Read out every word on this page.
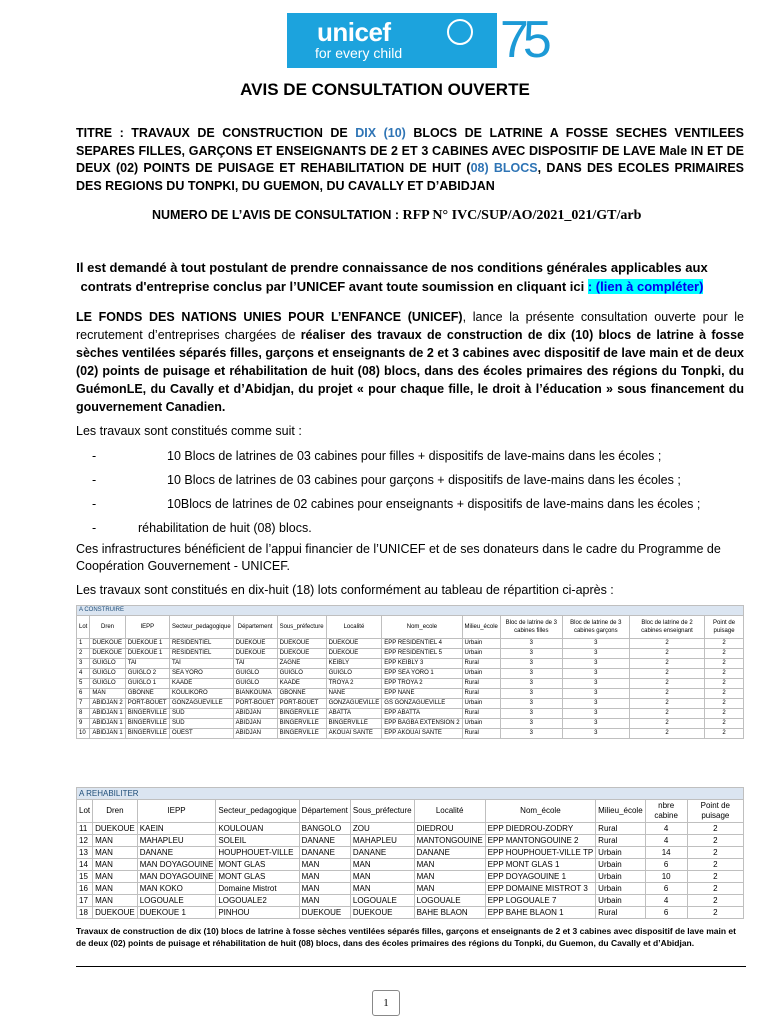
unicef
for every child 75
AVIS DE CONSULTATION OUVERTE
TITRE : TRAVAUX DE CONSTRUCTION DE DIX (10) BLOCS DE LATRINE A FOSSE SECHES VENTILEES SEPARES FILLES, GARÇONS ET ENSEIGNANTS DE 2 ET 3 CABINES AVEC DISPOSITIF DE LAVE Male IN ET DE DEUX (02) POINTS DE PUISAGE ET REHABILITATION DE HUIT (08) BLOCS, DANS DES ECOLES PRIMAIRES DES REGIONS DU TONPKI, DU GUEMON, DU CAVALLY ET D’ABIDJAN
NUMERO DE L’AVIS DE CONSULTATION : RFP N° IVC/SUP/AO/2021_021/GT/arb
Il est demandé à tout postulant de prendre connaissance de nos conditions générales applicables aux contrats d'entreprise conclus par l’UNICEF avant toute soumission en cliquant ici : (lien à compléter)
LE FONDS DES NATIONS UNIES POUR L’ENFANCE (UNICEF), lance la présente consultation ouverte pour le recrutement d’entreprises chargées de réaliser des travaux de construction de dix (10) blocs de latrine à fosse sèches ventilées séparés filles, garçons et enseignants de 2 et 3 cabines avec dispositif de lave main et de deux (02) points de puisage et réhabilitation de huit (08) blocs, dans des écoles primaires des régions du Tonpki, du GuémonLE, du Cavally et d’Abidjan, du projet « pour chaque fille, le droit à l’éducation » sous financement du gouvernement Canadien.
Les travaux sont constitués comme suit :
-	10 Blocs de latrines de 03 cabines pour filles + dispositifs de lave-mains dans les écoles ;
-	10 Blocs de latrines de 03 cabines pour garçons + dispositifs de lave-mains dans les écoles ;
-	10Blocs de latrines de 02 cabines pour enseignants + dispositifs de lave-mains dans les écoles ;
-	réhabilitation de huit (08) blocs.
Ces infrastructures bénéficient de l’appui financier de l’UNICEF et de ses donateurs dans le cadre du Programme de Coopération Gouvernement - UNICEF.
Les travaux sont constitués en dix-huit (18) lots conformément au tableau de répartition ci-après :
A CONSTRUIRE												
Lot	Dren	IEPP	Secteur_pedagogique	Département	Sous_préfecture	Localité	Nom_ecole	Milieu_école	Bloc de latrine de 3 cabines filles	Bloc de latrine de 3 cabines garçons	Bloc de latrine de 2 cabines enseignant	Point de puisage
1	DUEKOUE	DUEKOUE 1	RESIDENTIEL	DUEKOUE	DUEKOUE	DUEKOUE	EPP RESIDENTIEL 4	Urbain	3	3	2	2
2	DUEKOUE	DUEKOUE 1	RESIDENTIEL	DUEKOUE	DUEKOUE	DUEKOUE	EPP RESIDENTIEL 5	Urbain	3	3	2	2
3	GUIGLO	TAI	TAÏ	TAÏ	ZAGNE	KEIBLY	EPP KEIBLY 3	Rural	3	3	2	2
4	GUIGLO	GUIGLO 2	SEA YORO	GUIGLO	GUIGLO	GUIGLO	EPP SEA YORO 1	Urbain	3	3	2	2
5	GUIGLO	GUIGLO 1	KAADE	GUIGLO	KAADE	TROYA 2	EPP TROYA 2	Rural	3	3	2	2
6	MAN	GBONNE	KOULIKORO	BIANKOUMA	GBONNE	NANE	EPP NANE	Rural	3	3	2	2
7	ABIDJAN 2	PORT-BOUET	GONZAGUEVILLE	PORT-BOUET	PORT-BOUET	GONZAGUEVILLE	GS GONZAGUEVILLE	Urbain	3	3	2	2
8	ABIDJAN 1	BINGERVILLE	SUD	ABIDJAN	BINGERVILLE	ABATTA	EPP ABATTA	Rural	3	3	2	2
9	ABIDJAN 1	BINGERVILLE	SUD	ABIDJAN	BINGERVILLE	BINGERVILLE	EPP BAGBA EXTENSION 2	Urbain	3	3	2	2
10	ABIDJAN 1	BINGERVILLE	OUEST	ABIDJAN	BINGERVILLE	AKOUAI SANTE	EPP AKOUAI SANTE	Rural	3	3	2	2
A REHABILITER										
Lot	Dren	IEPP	Secteur_pedagogique	Département	Sous_préfecture	Localité	Nom_école	Milieu_école	nbre cabine	Point de puisage
11	DUEKOUE	KAEIN	KOULOUAN	BANGOLO	ZOU	DIEDROU	EPP DIEDROU-ZODRY	Rural	4	2
12	MAN	MAHAPLEU	SOLEIL	DANANE	MAHAPLEU	MANTONGOUINE	EPP MANTONGOUINE 2	Rural	4	2
13	MAN	DANANE	HOUPHOUET-VILLE	DANANE	DANANE	DANANE	EPP HOUPHOUET-VILLE TP	Urbain	14	2
14	MAN	MAN DOYAGOUINE	MONT GLAS	MAN	MAN	MAN	EPP MONT GLAS 1	Urbain	6	2
15	MAN	MAN DOYAGOUINE	MONT GLAS	MAN	MAN	MAN	EPP DOYAGOUINE 1	Urbain	10	2
16	MAN	MAN KOKO	Domaine Mistrot	MAN	MAN	MAN	EPP DOMAINE MISTROT 3	Urbain	6	2
17	MAN	LOGOUALE	LOGOUALE2	MAN	LOGOUALE	LOGOUALE	EPP LOGOUALE 7	Urbain	4	2
18	DUEKOUE	DUEKOUE 1	PINHOU	DUEKOUE	DUEKOUE	BAHE BLAON	EPP BAHE BLAON 1	Rural	6	2
Travaux de construction de dix (10) blocs de latrine à fosse sèches ventilées séparés filles, garçons et enseignants de 2 et 3 cabines avec dispositif de lave main et de deux (02) points de puisage et réhabilitation de huit (08) blocs, dans des écoles primaires des régions du Tonpki, du Guemon, du Cavally et d’Abidjan.
1
